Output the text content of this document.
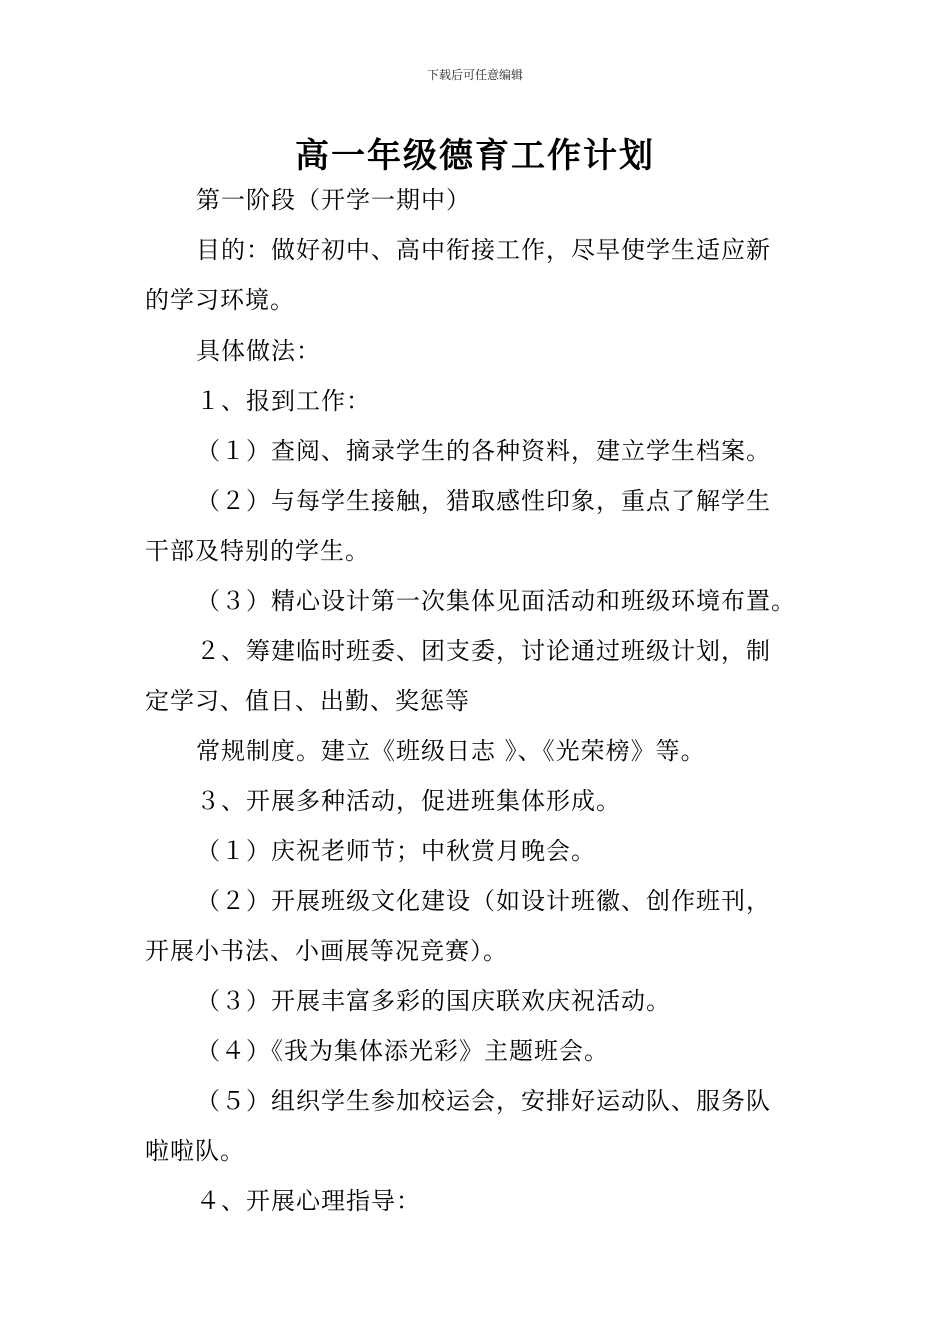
下载后可任意编辑
高一年级德育工作计划
第一阶段（开学一期中）
目的：做好初中、高中衔接工作，尽早使学生适应新
的学习环境。
具体做法：
１、报到工作：
（１）查阅、摘录学生的各种资料，建立学生档案。
（２）与每学生接触，猎取感性印象，重点了解学生
干部及特别的学生。
（３）精心设计第一次集体见面活动和班级环境布置。
２、筹建临时班委、团支委，讨论通过班级计划，制
定学习、值日、出勤、奖惩等
常规制度。建立《班级日志 》、《光荣榜》等。
３、开展多种活动，促进班集体形成。
（１）庆祝老师节；中秋赏月晚会。
（２）开展班级文化建设（如设计班徽、创作班刊，
开展小书法、小画展等况竞赛）。
（３）开展丰富多彩的国庆联欢庆祝活动。
（４）《我为集体添光彩》主题班会。
（５）组织学生参加校运会，安排好运动队、服务队
啦啦队。
４、开展心理指导：
